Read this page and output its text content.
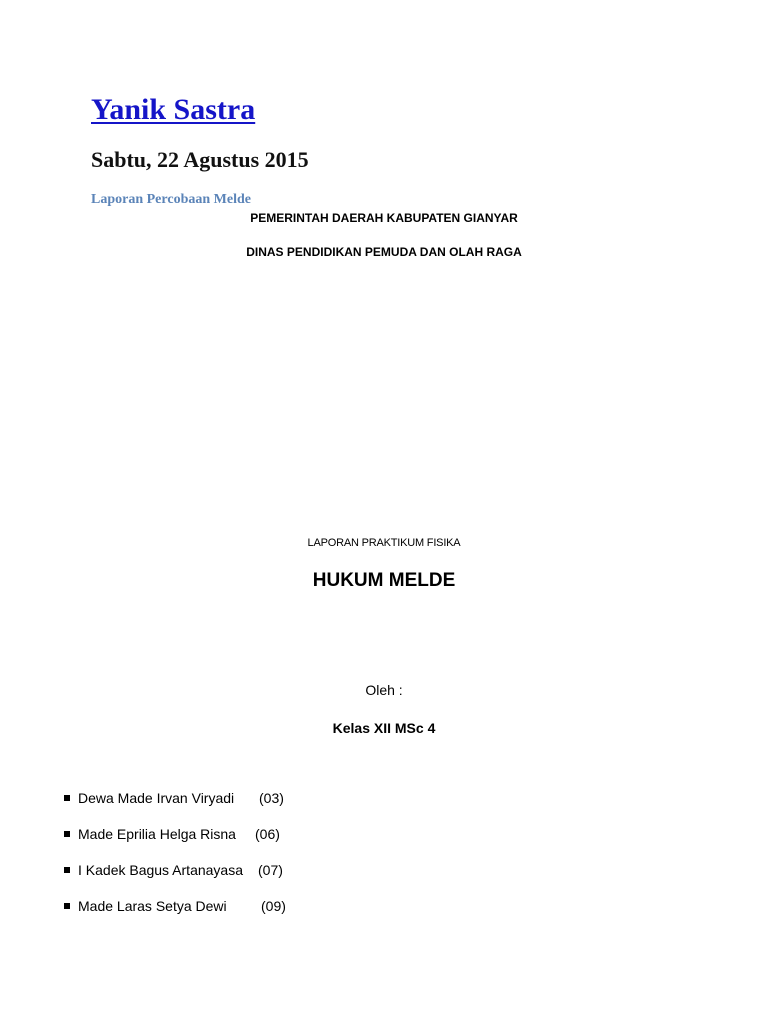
Yanik Sastra
Sabtu, 22 Agustus 2015
Laporan Percobaan Melde
PEMERINTAH DAERAH KABUPATEN GIANYAR
DINAS PENDIDIKAN PEMUDA DAN OLAH RAGA
LAPORAN PRAKTIKUM FISIKA
HUKUM MELDE
Oleh :
Kelas XII MSc 4
Dewa Made Irvan Viryadi (03)
Made Eprilia Helga Risna (06)
I Kadek Bagus Artanayasa (07)
Made Laras Setya Dewi (09)
